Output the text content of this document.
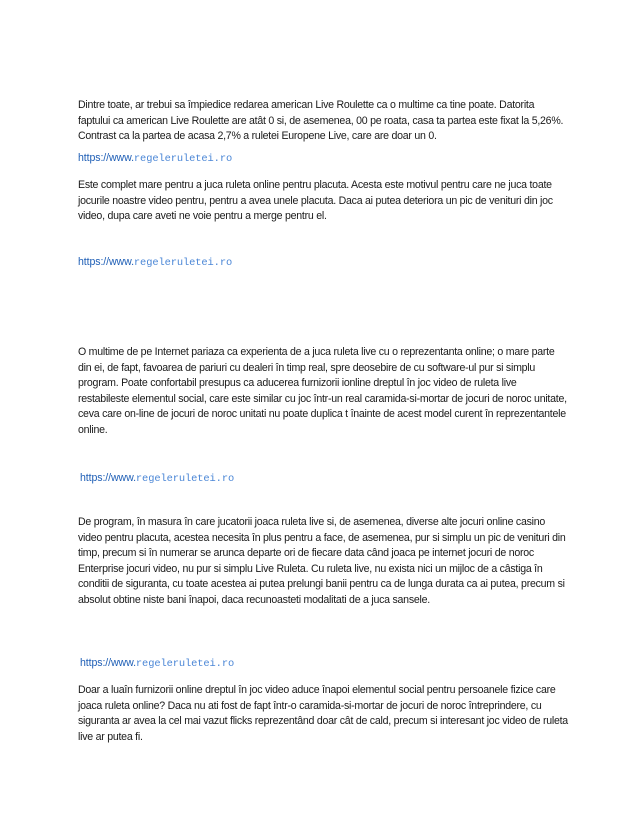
Dintre toate, ar trebui sa împiedice redarea american Live Roulette ca o multime ca tine poate. Datorita faptului ca american Live Roulette are atât 0 si, de asemenea, 00 pe roata, casa ta partea este fixat la 5,26%. Contrast ca la partea de acasa 2,7% a ruletei Europene Live, care are doar un 0.

https://www.regeleruletei.ro

Este complet mare pentru a juca ruleta online pentru placuta. Acesta este motivul pentru care ne juca toate jocurile noastre video pentru, pentru a avea unele placuta. Daca ai putea deteriora un pic de venituri din joc video, dupa care aveti ne voie pentru a merge pentru el.

https://www.regeleruletei.ro

O multime de pe Internet pariaza ca experienta de a juca ruleta live cu o reprezentanta online; o mare parte din ei, de fapt, favoarea de pariuri cu dealeri în timp real, spre deosebire de cu software-ul pur si simplu program. Poate confortabil presupus ca aducerea furnizorii ionline dreptul în joc video de ruleta live restabileste elementul social, care este similar cu joc într-un real caramida-si-mortar de jocuri de noroc unitate, ceva care on-line de jocuri de noroc unitati nu poate duplica t înainte de acest model curent în reprezentantele online.

https://www.regeleruletei.ro

De program, în masura în care jucatorii joaca ruleta live si, de asemenea, diverse alte jocuri online casino video pentru placuta, acestea necesita în plus pentru a face, de asemenea, pur si simplu un pic de venituri din timp, precum si în numerar se arunca departe ori de fiecare data când joaca pe internet jocuri de noroc Enterprise jocuri video, nu pur si simplu Live Ruleta. Cu ruleta live, nu exista nici un mijloc de a câstiga în conditii de siguranta, cu toate acestea ai putea prelungi banii pentru ca de lunga durata ca ai putea, precum si absolut obtine niste bani înapoi, daca recunoasteti modalitati de a juca sansele.

https://www.regeleruletei.ro

Doar a luaîn furnizorii online dreptul în joc video aduce înapoi elementul social pentru persoanele fizice care joaca ruleta online? Daca nu ati fost de fapt într-o caramida-si-mortar de jocuri de noroc întreprindere, cu siguranta ar avea la cel mai vazut flicks reprezentând doar cât de cald, precum si interesant joc video de ruleta live ar putea fi.
